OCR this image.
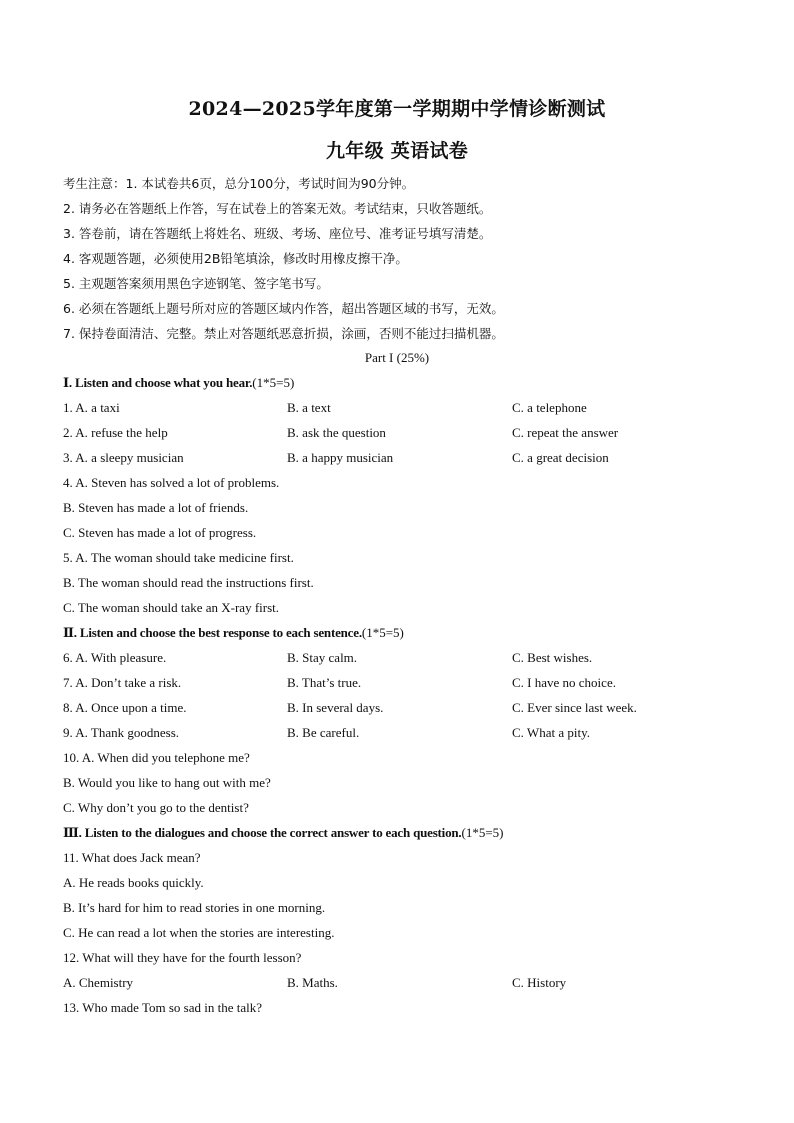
2024—2025学年度第一学期期中学情诊断测试
九年级 英语试卷
考生注意：1. 本试卷共6页，总分100分，考试时间为90分钟。
2. 请务必在答题纸上作答，写在试卷上的答案无效。考试结束，只收答题纸。
3. 答卷前，请在答题纸上将姓名、班级、考场、座位号、准考证号填写清楚。
4. 客观题答题，必须使用2B铅笔填涂，修改时用橡皮擦干净。
5. 主观题答案须用黑色字迹钢笔、签字笔书写。
6. 必须在答题纸上题号所对应的答题区域内作答，超出答题区域的书写，无效。
7. 保持卷面清洁、完整。禁止对答题纸恶意折损，涂画，否则不能过扫描机器。
Part I (25%)
Ⅰ. Listen and choose what you hear.(1*5=5)
1. A. a taxi	B. a text	C. a telephone
2. A. refuse the help	B. ask the question	C. repeat the answer
3. A. a sleepy musician	B. a happy musician	C. a great decision
4. A. Steven has solved a lot of problems.
B. Steven has made a lot of friends.
C. Steven has made a lot of progress.
5. A. The woman should take medicine first.
B. The woman should read the instructions first.
C. The woman should take an X-ray first.
Ⅱ. Listen and choose the best response to each sentence.(1*5=5)
6. A. With pleasure.	B. Stay calm.	C. Best wishes.
7. A. Don’t take a risk.	B. That’s true.	C. I have no choice.
8. A. Once upon a time.	B. In several days.	C. Ever since last week.
9. A. Thank goodness.	B. Be careful.	C. What a pity.
10. A. When did you telephone me?
B. Would you like to hang out with me?
C. Why don’t you go to the dentist?
Ⅲ. Listen to the dialogues and choose the correct answer to each question.(1*5=5)
11. What does Jack mean?
A. He reads books quickly.
B. It’s hard for him to read stories in one morning.
C. He can read a lot when the stories are interesting.
12. What will they have for the fourth lesson?
A. Chemistry	B. Maths.	C. History
13. Who made Tom so sad in the talk?
